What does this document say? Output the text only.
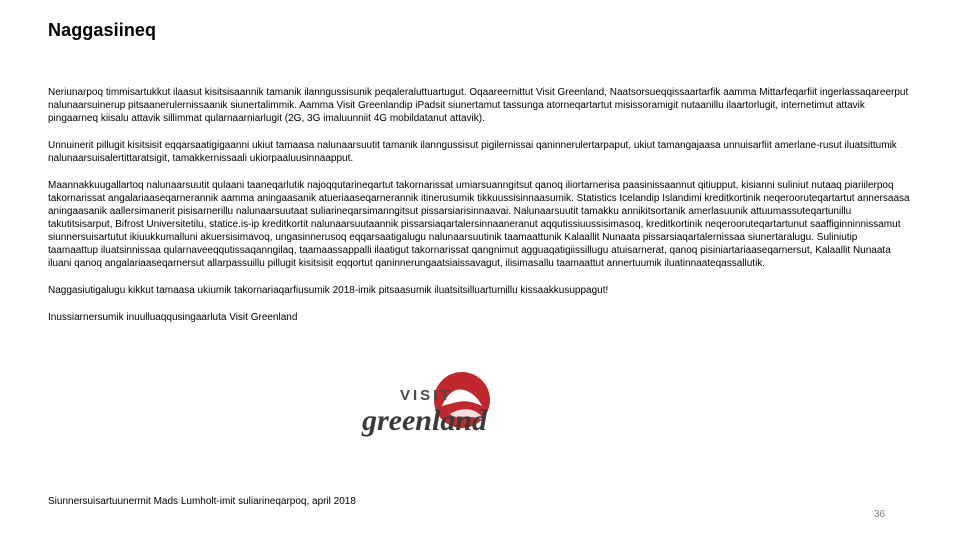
Naggasiineq

Neriunarpoq timmisartukkut ilaasut kisitsisaannik tamanik ilanngussisunik peqaleraluttuartugut. Oqaareernittut Visit Greenland, Naatsorsueqqissaartarfik aamma Mittarfeqarfiit ingerlassaqareerput nalunaarsuinerup pitsaanerulernissaanik siunertalimmik. Aamma Visit Greenlandip iPadsit siunertamut tassunga atorneqartartut misissoramigit nutaanillu ilaartorlugit, internetimut attavik pingaarneq kiisalu attavik sillimmat qularnaarniarlugit (2G, 3G imaluunniit 4G mobildatanut attavik).

Unnuinerit pillugit kisitsisit eqqarsaatigigaanni ukiut tamaasa nalunaarsuutit tamanik ilanngussisut pigilernissai qaninnerulertarpaput, ukiut tamangajaasa unnuisarfiit amerlane-rusut iluatsittumik nalunaarsuisalertittaratsigit, tamakkernissaali ukiorpaaluusinnaapput.

Maannakkuugallartoq nalunaarsuutit qulaani taaneqarlutik najoqqutarineqartut takornarissat umiarsuanngitsut qanoq iliortarnerisa paasinissaannut qitiupput, kisianni suliniut nutaaq piariilerpoq takornarissat angalariaaseqarnerannik aamma aningaasanik atueriaaseqarnerannik itinerusumik tikkuussisinnaasumik. Statistics Icelandip Islandimi kreditkortinik neqerooruteqartartut annersaasa aningaasanik aallersimanerit pisisarnerillu nalunaarsuutaat suliarineqarsimanngitsut pissarsiarisinnaavai. Nalunaarsuutit tamakku annikitsortanik amerlasuunik attuumassuteqartunillu takutitsisarput, Bifrost Universitetilu, statice.is-ip kreditkortit nalunaarsuutaannik pissarsiaqartalersinnaaneranut aqqutissiuussisimasoq, kreditkortinik neqerooruteqartartunut saaffiginninnissamut siunnersuisartutut ikiuukkumalluni akuersisimavoq, ungasinnerusoq eqqarsaatigalugu nalunaarsuutinik taamaattunik Kalaallit Nunaata pissarsiaqartalernissaa siunertaralugu. Suliniutip taamaattup iluatsinnissaa qularnaveeqqutissaqanngilaq, taamaassappalli ilaatigut takornarissat qangnimut agguaqatigiissillugu atuisarnerat, qanoq pisiniartariaaseqarnersut, Kalaallit Nunaata iluani qanoq angalariaaseqarnersut allarpassuillu pillugit kisitsisit eqqortut qaninnerungaatsiaissavagut, ilisimasallu taamaattut annertuumik iluatinnaateqassallutik.

Naggasiutigalugu kikkut tamaasa ukiumik takornariaqarfiusumik 2018-imik pitsaasumik iluatsitsilluartumillu kissaakkusuppagut!

Inussiarnersumik inuulluaqqusingaarluta Visit Greenland

VISIT
greenland
Siunnersuisartuunermit Mads Lumholt-imit suliarineqarpoq, april 2018
36
